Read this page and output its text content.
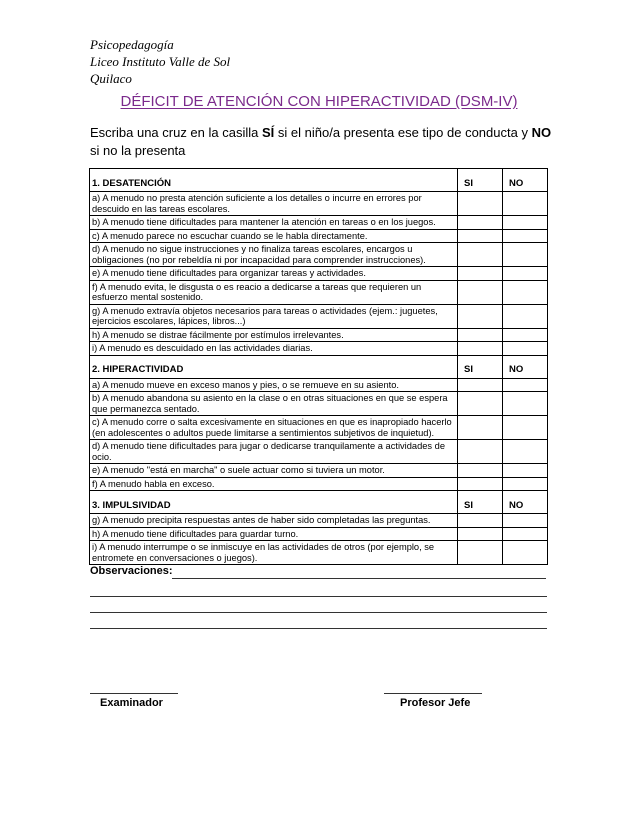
Psicopedagogía
Liceo Instituto Valle de Sol
Quilaco
DÉFICIT DE ATENCIÓN CON HIPERACTIVIDAD (DSM-IV)
Escriba una cruz en la casilla SÍ si el niño/a presenta ese tipo de conducta y NO si no la presenta
1. DESATENCIÓN	SI	NO
a) A menudo no presta atención suficiente a los detalles o incurre en errores por descuido en las tareas escolares.		
b) A menudo tiene dificultades para mantener la atención en tareas o en los juegos.		
c) A menudo parece no escuchar cuando se le habla directamente.		
d) A menudo no sigue instrucciones y no finaliza tareas escolares, encargos u obligaciones (no por rebeldía ni por incapacidad para comprender instrucciones).		
e) A menudo tiene dificultades para organizar tareas y actividades.		
f) A menudo evita, le disgusta o es reacio a dedicarse a tareas que requieren un esfuerzo mental sostenido.		
g) A menudo extravía objetos necesarios para tareas o actividades (ejem.: juguetes, ejercicios escolares, lápices, libros...)		
h) A menudo se distrae fácilmente por estímulos irrelevantes.		
i) A menudo es descuidado en las actividades diarias.		
2. HIPERACTIVIDAD	SI	NO
a) A menudo mueve en exceso manos y pies, o se remueve en su asiento.		
b) A menudo abandona su asiento en la clase o en otras situaciones en que se espera que permanezca sentado.		
c) A menudo corre o salta excesivamente en situaciones en que es inapropiado hacerlo (en adolescentes o adultos puede limitarse a sentimientos subjetivos de inquietud).		
d) A menudo tiene dificultades para jugar o dedicarse tranquilamente a actividades de ocio.		
e) A menudo "está en marcha" o suele actuar como si tuviera un motor.		
f) A menudo habla en exceso.		
3. IMPULSIVIDAD	SI	NO
g) A menudo precipita respuestas antes de haber sido completadas las preguntas.		
h) A menudo tiene dificultades para guardar turno.		
i) A menudo interrumpe o se inmiscuye en las actividades de otros (por ejemplo, se entromete en conversaciones o juegos).		
Observaciones:
Examinador	Profesor Jefe
